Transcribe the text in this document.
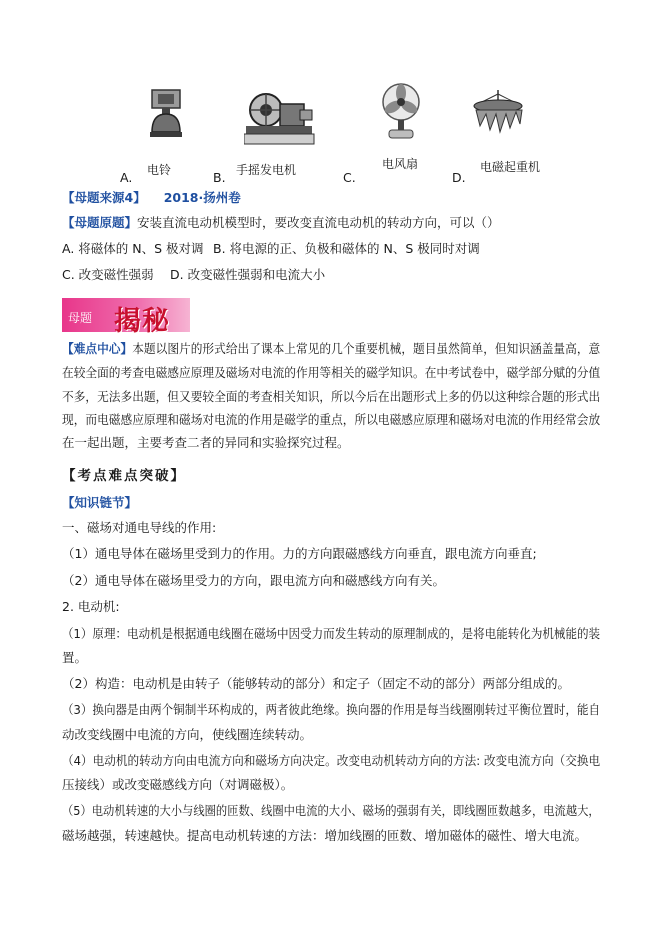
A. 电铃	B. 手摇发电机	C.
电风扇
D.
电磁起重机
【母题来源4】 2018·扬州卷
【母题原题】安装直流电动机模型时，要改变直流电动机的转动方向，可以（）
A. 将磁体的 N、S 极对调 B. 将电源的正、负极和磁体的 N、S 极同时对调
C. 改变磁性强弱 D. 改变磁性强弱和电流大小
母题 揭秘
【难点中心】本题以图片的形式给出了课本上常见的几个重要机械，题目虽然简单，但知识涵盖量高，意
在较全面的考查电磁感应原理及磁场对电流的作用等相关的磁学知识。在中考试卷中，磁学部分赋的分值
不多，无法多出题，但又要较全面的考查相关知识，所以今后在出题形式上多的仍以这种综合题的形式出
现，而电磁感应原理和磁场对电流的作用是磁学的重点，所以电磁感应原理和磁场对电流的作用经常会放
在一起出题，主要考查二者的异同和实验探究过程。
【考点难点突破】
【知识链节】
一、磁场对通电导线的作用:
（1）通电导体在磁场里受到力的作用。力的方向跟磁感线方向垂直，跟电流方向垂直;
（2）通电导体在磁场里受力的方向，跟电流方向和磁感线方向有关。
2. 电动机:
（1）原理：电动机是根据通电线圈在磁场中因受力而发生转动的原理制成的，是将电能转化为机械能的装
置。
（2）构造：电动机是由转子（能够转动的部分）和定子（固定不动的部分）两部分组成的。
（3）换向器是由两个铜制半环构成的，两者彼此绝缘。换向器的作用是每当线圈刚转过平衡位置时，能自
动改变线圈中电流的方向，使线圈连续转动。
（4）电动机的转动方向由电流方向和磁场方向决定。改变电动机转动方向的方法: 改变电流方向（交换电
压接线）或改变磁感线方向（对调磁极）。
（5）电动机转速的大小与线圈的匝数、线圈中电流的大小、磁场的强弱有关，即线圈匝数越多，电流越大，
磁场越强，转速越快。提高电动机转速的方法：增加线圈的匝数、增加磁体的磁性、增大电流。
